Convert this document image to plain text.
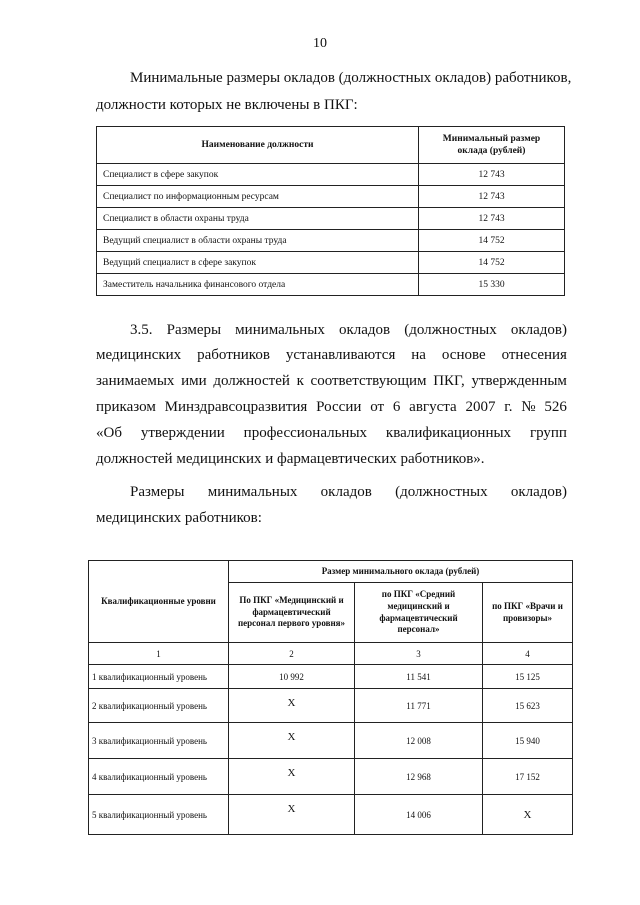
10
Минимальные размеры окладов (должностных окладов) работников,
должности которых не включены в ПКГ:
Наименование должности	Минимальный размер оклада (рублей)
Специалист в сфере закупок	12 743
Специалист по информационным ресурсам	12 743
Специалист в области охраны труда	12 743
Ведущий специалист в области охраны труда	14 752
Ведущий специалист в сфере закупок	14 752
Заместитель начальника финансового отдела	15 330
3.5. Размеры минимальных окладов (должностных окладов)
медицинских работников устанавливаются на основе отнесения
занимаемых ими должностей к соответствующим ПКГ, утвержденным
приказом Минздравсоцразвития России от 6 августа 2007 г. № 526
«Об утверждении профессиональных квалификационных групп
должностей медицинских и фармацевтических работников».
Размеры минимальных окладов (должностных окладов)
медицинских работников:
Квалификационные уровни	Размер минимального оклада (рублей)		
	По ПКГ «Медицинский и фармацевтический персонал первого уровня»	по ПКГ «Средний медицинский и фармацевтический персонал»	по ПКГ «Врачи и провизоры»
1	2	3	4
1 квалификационный уровень	10 992	11 541	15 125
2 квалификационный уровень	Х	11 771	15 623
3 квалификационный уровень	Х	12 008	15 940
4 квалификационный уровень	Х	12 968	17 152
5 квалификационный уровень	Х	14 006	Х
